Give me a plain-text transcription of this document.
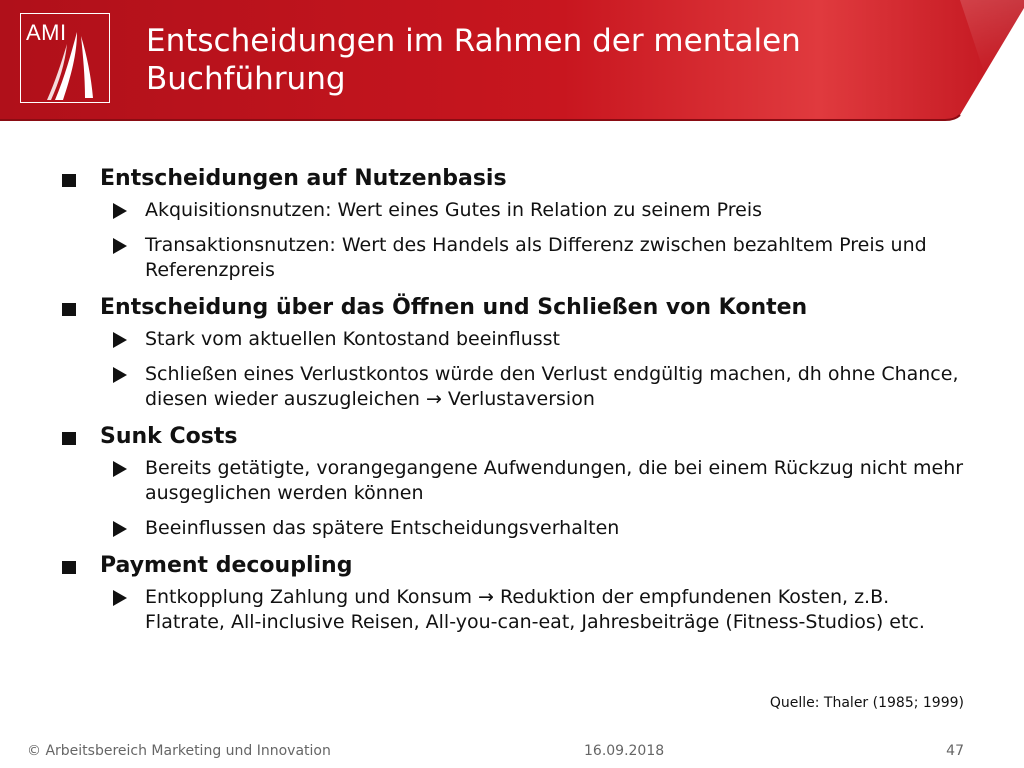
AMI	Entscheidungen im Rahmen der mentalen
Buchführung
Entscheidungen auf Nutzenbasis
Akquisitionsnutzen: Wert eines Gutes in Relation zu seinem Preis
Transaktionsnutzen: Wert des Handels als Differenz zwischen bezahltem Preis und Referenzpreis
Entscheidung über das Öffnen und Schließen von Konten
Stark vom aktuellen Kontostand beeinflusst
Schließen eines Verlustkontos würde den Verlust endgültig machen, dh ohne Chance, diesen wieder auszugleichen → Verlustaversion
Sunk Costs
Bereits getätigte, vorangegangene Aufwendungen, die bei einem Rückzug nicht mehr ausgeglichen werden können
Beeinflussen das spätere Entscheidungsverhalten
Payment decoupling
Entkopplung Zahlung und Konsum → Reduktion der empfundenen Kosten, z.B. Flatrate, All-inclusive Reisen, All-you-can-eat, Jahresbeiträge (Fitness-Studios) etc.
Quelle: Thaler (1985; 1999)
© Arbeitsbereich Marketing und Innovation	16.09.2018	47
